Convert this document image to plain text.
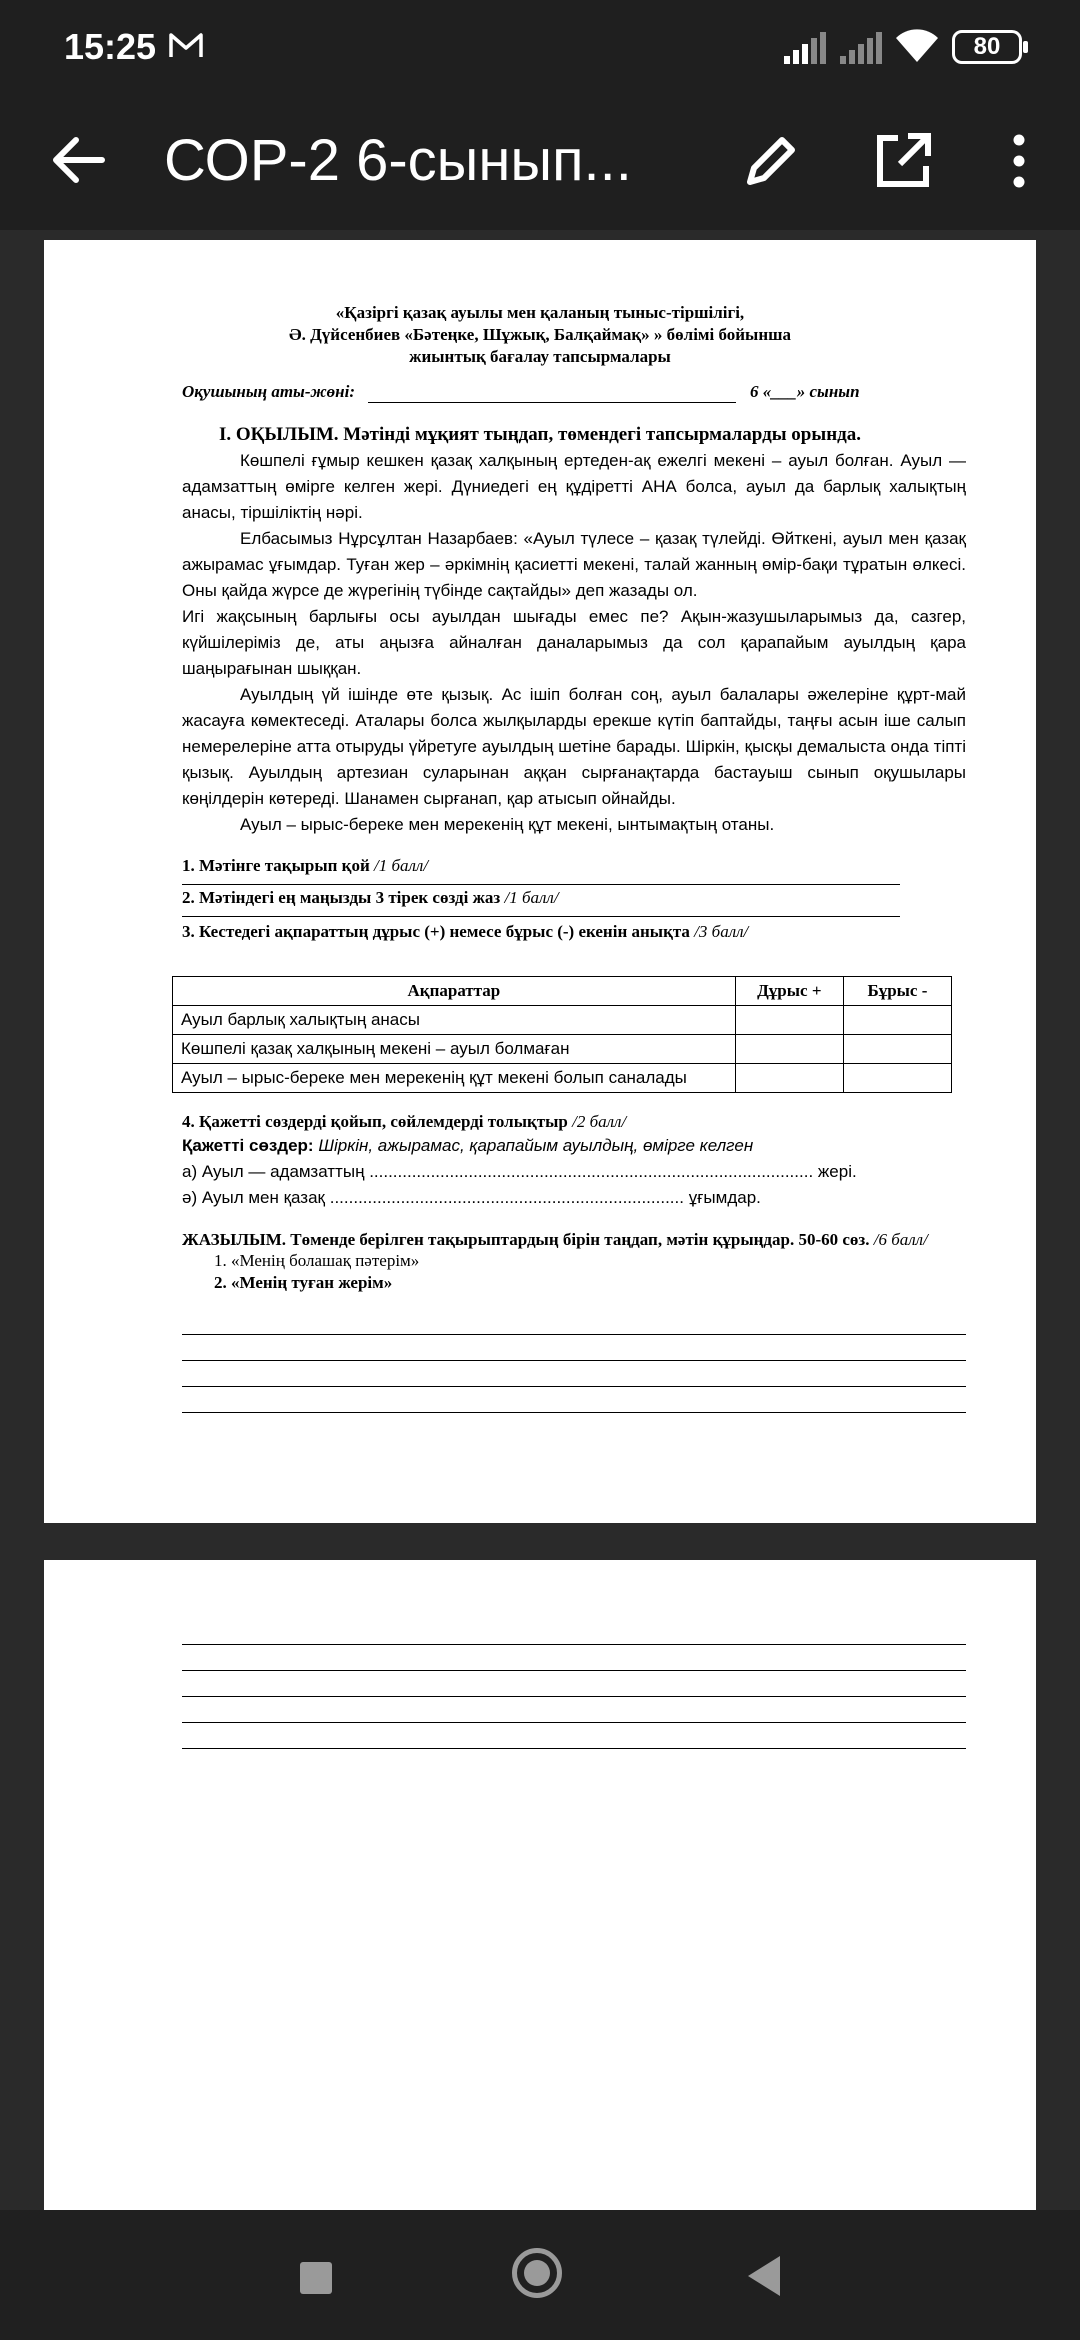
15:25	80
СОР-2 6-сынып...
«Қазіргі қазақ ауылы мен қаланың тыныс-тіршілігі,
Ә. Дүйсенбиев «Бәтеңке, Шұжық, Балқаймақ» » бөлімі бойынша
жиынтық бағалау тапсырмалары
Оқушының аты-жөні:	6 «___» сынып
І. ОҚЫЛЫМ. Мәтінді мұқият тыңдап, төмендегі тапсырмаларды орында.
Көшпелі ғұмыр кешкен қазақ халқының ертеден-ақ ежелгі мекені – ауыл болған. Ауыл — адамзаттың өмірге келген жері. Дүниедегі ең құдіретті АНА болса, ауыл да барлық халықтың анасы, тіршіліктің нәрі.
Елбасымыз Нұрсұлтан Назарбаев: «Ауыл түлесе – қазақ түлейді. Өйткені, ауыл мен қазақ ажырамас ұғымдар. Туған жер – әркімнің қасиетті мекені, талай жанның өмір-бақи тұратын өлкесі. Оны қайда жүрсе де жүрегінің түбінде сақтайды» деп жазады ол.
Игі жақсының барлығы осы ауылдан шығады емес пе? Ақын-жазушыларымыз да, сазгер, күйшілеріміз де, аты аңызға айналған даналарымыз да сол қарапайым ауылдың қара шаңырағынан шыққан.
Ауылдың үй ішінде өте қызық. Ас ішіп болған соң, ауыл балалары әжелеріне құрт-май жасауға көмектеседі. Аталары болса жылқыларды ерекше күтіп баптайды, таңғы асын іше салып немерелеріне атта отыруды үйретуге ауылдың шетіне барады. Шіркін, қысқы демалыста онда тіпті қызық. Ауылдың артезиан суларынан аққан сырғанақтарда бастауыш сынып оқушылары көңілдерін көтереді. Шанамен сырғанап, қар атысып ойнайды.
Ауыл – ырыс-береке мен мерекенің құт мекені, ынтымақтың отаны.
1. Мәтінге тақырып қой /1 балл/
2. Мәтіндегі ең маңызды 3 тірек сөзді жаз /1 балл/
3. Кестедегі ақпараттың дұрыс (+) немесе бұрыс (-) екенін анықта /3 балл/
Ақпараттар	Дұрыс +	Бұрыс -
Ауыл барлық халықтың анасы		
Көшпелі қазақ халқының мекені – ауыл болмаған		
Ауыл – ырыс-береке мен мерекенің құт мекені болып саналады		
4. Қажетті сөздерді қойып, сөйлемдерді толықтыр /2 балл/
Қажетті сөздер: Шіркін, ажырамас, қарапайым ауылдың, өмірге келген
а) Ауыл — адамзаттың .............................................................................................. жері.
ә) Ауыл мен қазақ ........................................................................... ұғымдар.
ЖАЗЫЛЫМ. Төменде берілген тақырыптардың бірін таңдап, мәтін құрыңдар. 50-60 сөз. /6 балл/
1. «Менің болашақ пәтерім»
2. «Менің туған жерім»
